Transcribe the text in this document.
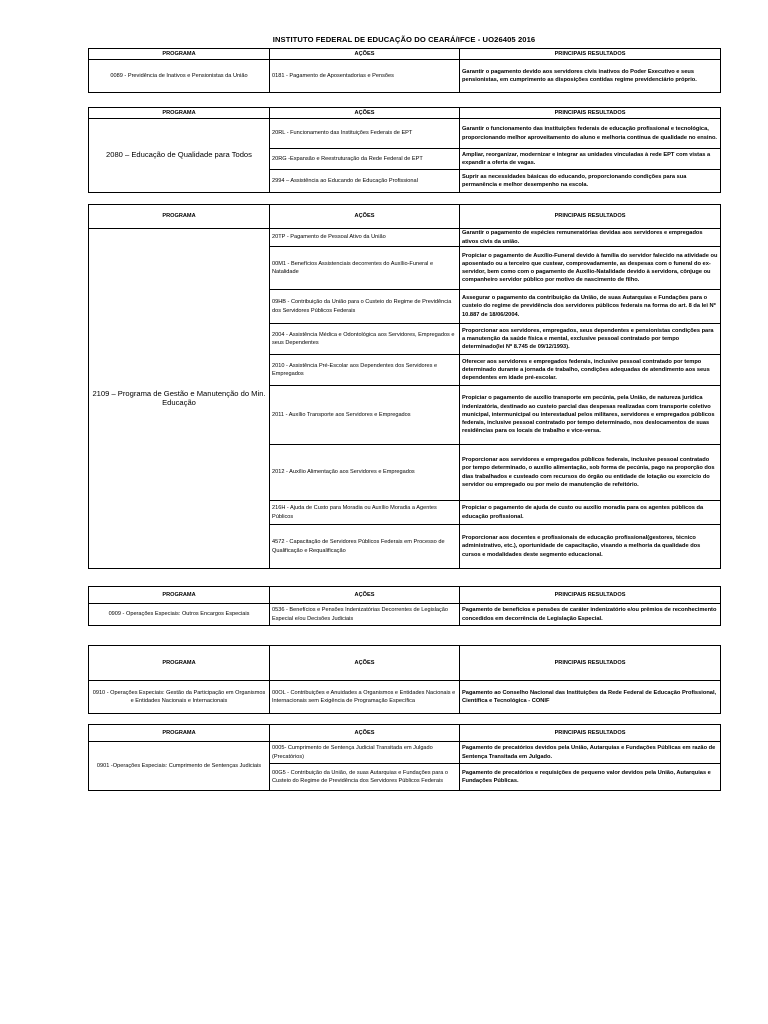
INSTITUTO FEDERAL DE EDUCAÇÃO DO CEARÁ/IFCE - UO26405 2016
PROGRAMA	AÇÕES	PRINCIPAIS RESULTADOS
0089 - Previdência de Inativos e Pensionistas da União	0181 - Pagamento de Aposentadorias e Pensões	Garantir o pagamento devido aos servidores civis inativos do Poder Executivo e seus pensionistas, em cumprimento as disposições contidas regime previdenciário próprio.
PROGRAMA	AÇÕES	PRINCIPAIS RESULTADOS
2080 – Educação de Qualidade para Todos	20RL - Funcionamento das Instituições Federais de EPT	Garantir o funcionamento das instituições federais de educação profissional e tecnológica, proporcionando melhor aproveitamento do aluno e melhoria contínua de qualidade no ensino.
	20RG -Expansão e Reestruturação da Rede Federal de EPT	Ampliar, reorganizar, modernizar e integrar as unidades vinculadas à rede EPT com vistas a expandir a oferta de vagas.
	2994 – Assistência ao Educando de Educação Profissional	Suprir as necessidades básicas do educando, proporcionando condições para sua permanência e melhor desempenho na escola.
PROGRAMA	AÇÕES	PRINCIPAIS RESULTADOS
2109 – Programa de Gestão e Manutenção do Min. Educação	20TP - Pagamento de Pessoal Ativo da União	Garantir o pagamento de espécies remuneratórias devidas aos servidores e empregados ativos civis da união.
	00M1 - Benefícios Assistenciais decorrentes do Auxílio-Funeral e Natalidade	Propiciar o pagamento de Auxílio-Funeral devido à família do servidor falecido na atividade ou aposentado ou a terceiro que custear, comprovadamente, as despesas com o funeral do ex-servidor, bem como com o pagamento de Auxílio-Natalidade devido à servidora, cônjuge ou companheiro servidor público por motivo de nascimento de filho.
	09HB - Contribuição da União para o Custeio do Regime de Previdência dos Servidores Públicos Federais	Assegurar o pagamento da contribuição da União, de suas Autarquias e Fundações para o custeio do regime de previdência dos servidores públicos federais na forma do art. 8 da lei Nº 10.887 de 18/06/2004.
	2004 - Assistência Médica e Odontológica aos Servidores, Empregados e seus Dependentes	Proporcionar aos servidores, empregados, seus dependentes e pensionistas condições para a manutenção da saúde física e mental, exclusive pessoal contratado por tempo determinado(lei Nº 8.745 de 09/12/1993).
	2010 - Assistência Pré-Escolar aos Dependentes dos Servidores e Empregados	Oferecer aos servidores e empregados federais, inclusive pessoal contratado por tempo determinado durante a jornada de trabalho, condições adequadas de atendimento aos seus dependentes em idade pré-escolar.
	2011 - Auxílio Transporte aos Servidores e Empregados	Propiciar o pagamento de auxílio transporte em pecúnia, pela União, de natureza jurídica indenizatória, destinado ao custeio parcial das despesas realizadas com transporte coletivo municipal, intermunicipal ou interestadual pelos militares, servidores e empregados públicos federais, inclusive pessoal contratado por tempo determinado, nos deslocamentos de suas residências para os locais de trabalho e vice-versa.
	2012 - Auxílio Alimentação aos Servidores e Empregados	Proporcionar aos servidores e empregados públicos federais, inclusive pessoal contratado por tempo determinado, o auxílio alimentação, sob forma de pecúnia, pago na proporção dos dias trabalhados e custeado com recursos do órgão ou entidade de lotação ou exercício do servidor ou empregado ou por meio de manutenção de refeitório.
	216H - Ajuda de Custo para Moradia ou Auxílio Moradia a Agentes Públicos	Propiciar o pagamento de ajuda de custo ou auxílio moradia para os agentes públicos da educação profissional.
	4572 - Capacitação de Servidores Públicos Federais em Processo de Qualificação e Requalificação	Proporcionar aos docentes e profissionais de educação profissional(gestores, técnico administrativo, etc.), oportunidade de capacitação, visando a melhoria da qualidade dos cursos e modalidades deste segmento educacional.
PROGRAMA	AÇÕES	PRINCIPAIS RESULTADOS
0909 - Operações Especiais: Outros Encargos Especiais	0536 - Benefícios e Pensões Indenizatórias Decorrentes de Legislação Especial e/ou Decisões Judiciais	Pagamento de benefícios e pensões de caráter indenizatório e/ou prêmios de reconhecimento concedidos em decorrência de Legislação Especial.
PROGRAMA	AÇÕES	PRINCIPAIS RESULTADOS
0910 - Operações Especiais: Gestão da Participação em Organismos e Entidades Nacionais e Internacionais	00OL - Contribuições e Anuidades a Organismos e Entidades Nacionais e Internacionais sem Exigência de Programação Específica	Pagamento ao Conselho Nacional das Instituições da Rede Federal de Educação Profissional, Científica e Tecnológica - CONIF
PROGRAMA	AÇÕES	PRINCIPAIS RESULTADOS
0901 -Operações Especiais: Cumprimento de Sentenças Judiciais	0005- Cumprimento de Sentença Judicial Transitada em Julgado (Precatórios)	Pagamento de precatórios devidos pela União, Autarquias e Fundações Públicas em razão de Sentença Transitada em Julgado.
	00G5 - Contribuição da União, de suas Autarquias e Fundações para o Custeio do Regime de Previdência dos Servidores Públicos Federais	Pagamento de precatórios e requisições de pequeno valor devidos pela União, Autarquias e Fundações Públicas.
